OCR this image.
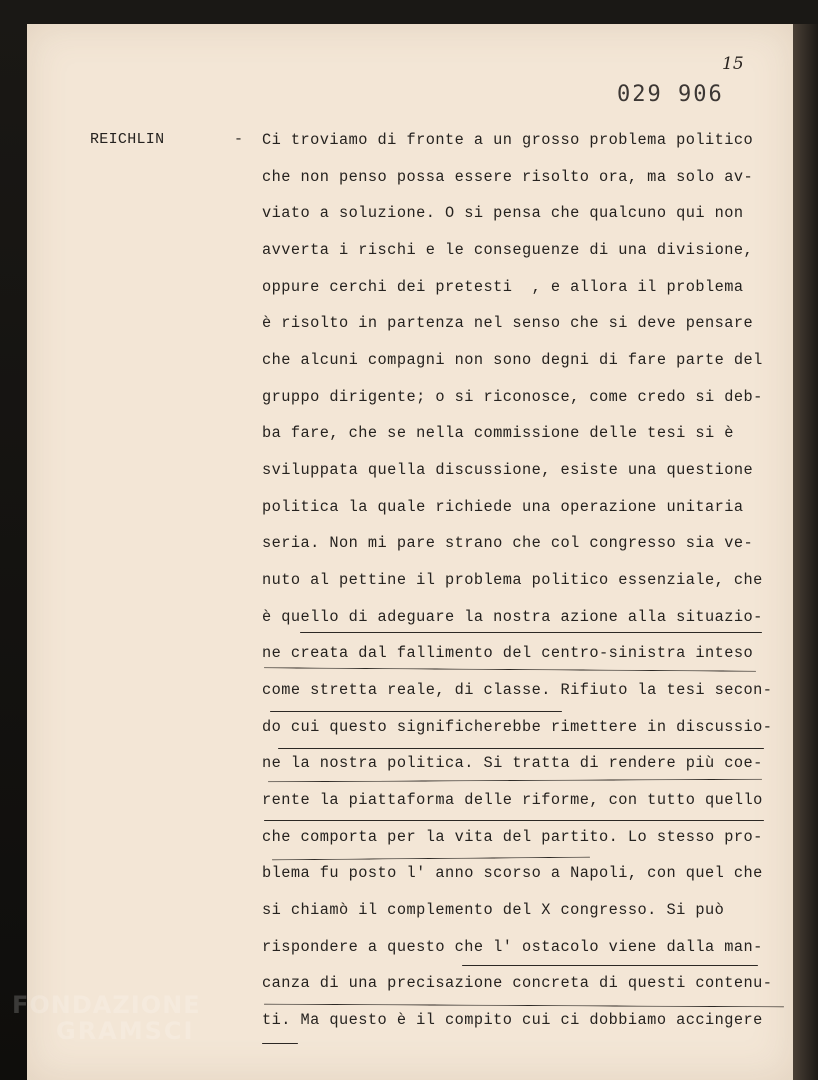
15
029 906
REICHLIN	- Ci troviamo di fronte a un grosso problema politico
che non penso possa essere risolto ora, ma solo av-
viato a soluzione. O si pensa che qualcuno qui non
avverta i rischi e le conseguenze di una divisione,
oppure cerchi dei pretesti  , e allora il problema
è risolto in partenza nel senso che si deve pensare
che alcuni compagni non sono degni di fare parte del
gruppo dirigente; o si riconosce, come credo si deb-
ba fare, che se nella commissione delle tesi si è
sviluppata quella discussione, esiste una questione
politica la quale richiede una operazione unitaria
seria. Non mi pare strano che col congresso sia ve-
nuto al pettine il problema politico essenziale, che
è quello di adeguare la nostra azione alla situazio-
ne creata dal fallimento del centro-sinistra inteso
come stretta reale, di classe. Rifiuto la tesi secon-
do cui questo significherebbe rimettere in discussio-
ne la nostra politica. Si tratta di rendere più coe-
rente la piattaforma delle riforme, con tutto quello
che comporta per la vita del partito. Lo stesso pro-
blema fu posto l' anno scorso a Napoli, con quel che
si chiamò il complemento del X congresso. Si può
rispondere a questo che l' ostacolo viene dalla man-
canza di una precisazione concreta di questi contenu-
ti. Ma questo è il compito cui ci dobbiamo accingere
FONDAZIONE
GRAMSCI
